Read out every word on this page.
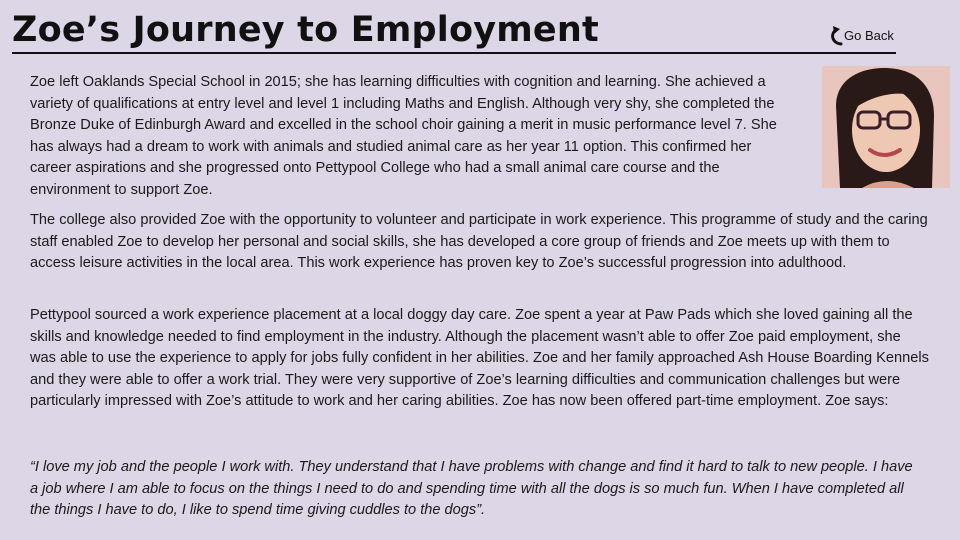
Zoe’s Journey to Employment	Go Back

Zoe left Oaklands Special School in 2015; she has learning difficulties with cognition and learning. She achieved a variety of qualifications at entry level and level 1 including Maths and English. Although very shy, she completed the Bronze Duke of Edinburgh Award and excelled in the school choir gaining a merit in music performance level 7. She has always had a dream to work with animals and studied animal care as her year 11 option. This confirmed her career aspirations and she progressed onto Pettypool College who had a small animal care course and the environment to support Zoe.

The college also provided Zoe with the opportunity to volunteer and participate in work experience. This programme of study and the caring staff enabled Zoe to develop her personal and social skills, she has developed a core group of friends and Zoe meets up with them to access leisure activities in the local area. This work experience has proven key to Zoe’s successful progression into adulthood.

Pettypool sourced a work experience placement at a local doggy day care. Zoe spent a year at Paw Pads which she loved gaining all the skills and knowledge needed to find employment in the industry. Although the placement wasn’t able to offer Zoe paid employment, she was able to use the experience to apply for jobs fully confident in her abilities. Zoe and her family approached Ash House Boarding Kennels and they were able to offer a work trial. They were very supportive of Zoe’s learning difficulties and communication challenges but were particularly impressed with Zoe’s attitude to work and her caring abilities. Zoe has now been offered part-time employment. Zoe says:

“I love my job and the people I work with. They understand that I have problems with change and find it hard to talk to new people. I have a job where I am able to focus on the things I need to do and spending time with all the dogs is so much fun. When I have completed all the things I have to do, I like to spend time giving cuddles to the dogs”.
